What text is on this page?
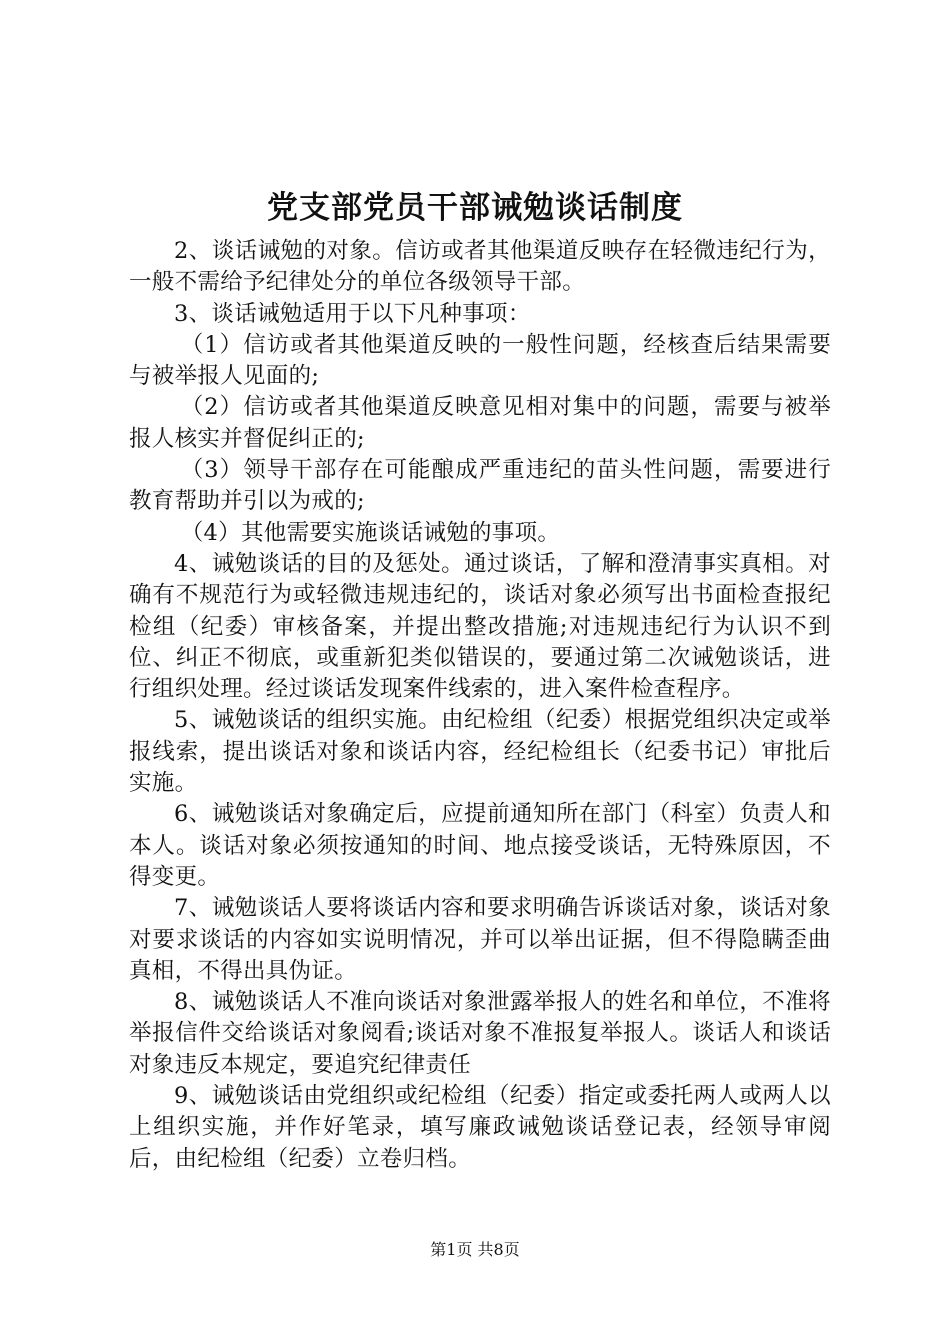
党支部党员干部诫勉谈话制度

2、谈话诫勉的对象。信访或者其他渠道反映存在轻微违纪行为，一般不需给予纪律处分的单位各级领导干部。

3、谈话诫勉适用于以下凡种事项：

（1）信访或者其他渠道反映的一般性问题，经核查后结果需要与被举报人见面的;

（2）信访或者其他渠道反映意见相对集中的问题，需要与被举报人核实并督促纠正的;

（3）领导干部存在可能酿成严重违纪的苗头性问题，需要进行教育帮助并引以为戒的;

（4）其他需要实施谈话诫勉的事项。

4、诫勉谈话的目的及惩处。通过谈话，了解和澄清事实真相。对确有不规范行为或轻微违规违纪的，谈话对象必须写出书面检查报纪检组（纪委）审核备案，并提出整改措施;对违规违纪行为认识不到位、纠正不彻底，或重新犯类似错误的，要通过第二次诫勉谈话，进行组织处理。经过谈话发现案件线索的，进入案件检查程序。

5、诫勉谈话的组织实施。由纪检组（纪委）根据党组织决定或举报线索，提出谈话对象和谈话内容，经纪检组长（纪委书记）审批后实施。

6、诫勉谈话对象确定后，应提前通知所在部门（科室）负责人和本人。谈话对象必须按通知的时间、地点接受谈话，无特殊原因，不得变更。

7、诫勉谈话人要将谈话内容和要求明确告诉谈话对象，谈话对象对要求谈话的内容如实说明情况，并可以举出证据，但不得隐瞒歪曲真相，不得出具伪证。

8、诫勉谈话人不准向谈话对象泄露举报人的姓名和单位，不准将举报信件交给谈话对象阅看;谈话对象不准报复举报人。谈话人和谈话对象违反本规定，要追究纪律责任

9、诫勉谈话由党组织或纪检组（纪委）指定或委托两人或两人以上组织实施，并作好笔录，填写廉政诫勉谈话登记表，经领导审阅后，由纪检组（纪委）立卷归档。

第1页 共8页
